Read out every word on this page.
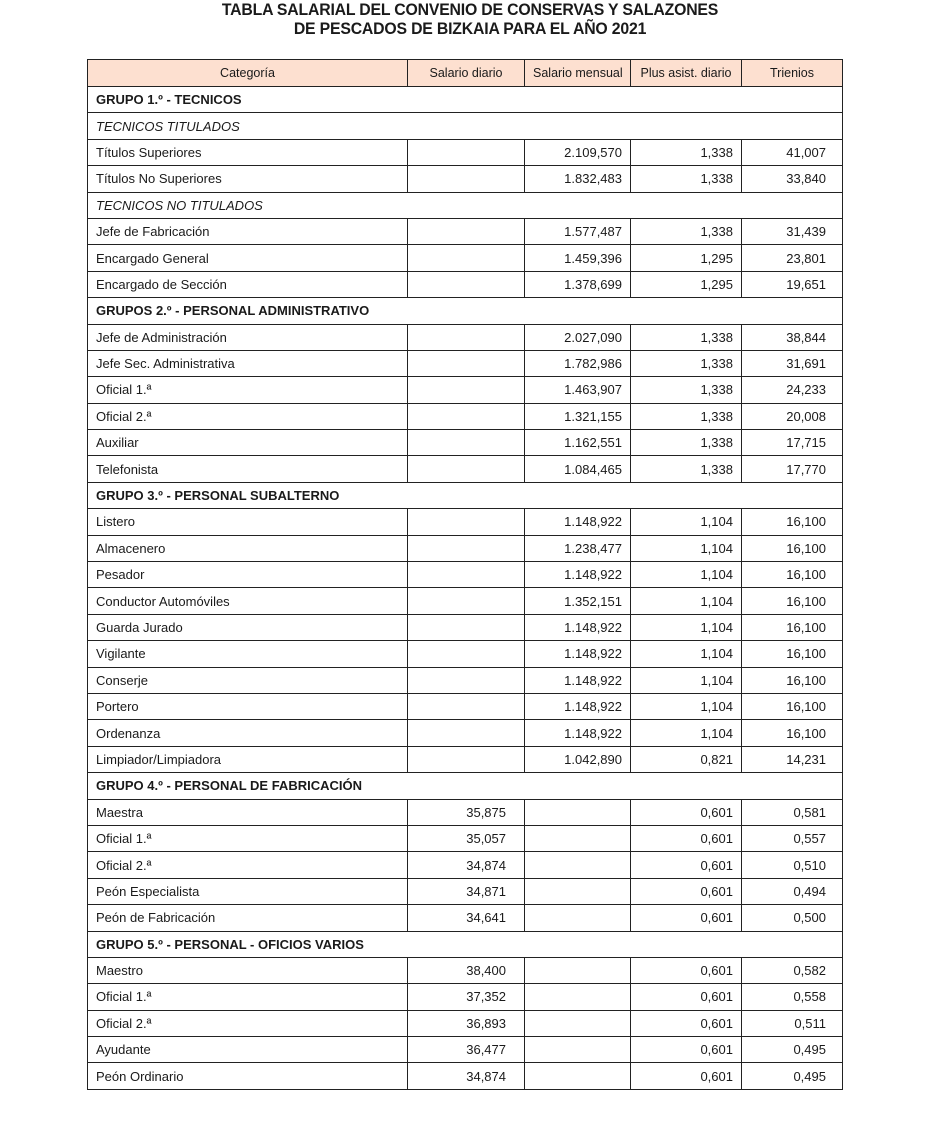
TABLA SALARIAL DEL CONVENIO DE CONSERVAS Y SALAZONES
DE PESCADOS DE BIZKAIA PARA EL AÑO 2021
Categoría	Salario diario	Salario mensual	Plus asist. diario	Trienios
GRUPO 1.º - TECNICOS				
TECNICOS TITULADOS				
Títulos Superiores		2.109,570	1,338	41,007
Títulos No Superiores		1.832,483	1,338	33,840
TECNICOS NO TITULADOS				
Jefe de Fabricación		1.577,487	1,338	31,439
Encargado General		1.459,396	1,295	23,801
Encargado de Sección		1.378,699	1,295	19,651
GRUPOS 2.º - PERSONAL ADMINISTRATIVO				
Jefe de Administración		2.027,090	1,338	38,844
Jefe Sec. Administrativa		1.782,986	1,338	31,691
Oficial 1.ª		1.463,907	1,338	24,233
Oficial 2.ª		1.321,155	1,338	20,008
Auxiliar		1.162,551	1,338	17,715
Telefonista		1.084,465	1,338	17,770
GRUPO 3.º - PERSONAL SUBALTERNO				
Listero		1.148,922	1,104	16,100
Almacenero		1.238,477	1,104	16,100
Pesador		1.148,922	1,104	16,100
Conductor Automóviles		1.352,151	1,104	16,100
Guarda Jurado		1.148,922	1,104	16,100
Vigilante		1.148,922	1,104	16,100
Conserje		1.148,922	1,104	16,100
Portero		1.148,922	1,104	16,100
Ordenanza		1.148,922	1,104	16,100
Limpiador/Limpiadora		1.042,890	0,821	14,231
GRUPO 4.º - PERSONAL DE FABRICACIÓN				
Maestra	35,875		0,601	0,581
Oficial 1.ª	35,057		0,601	0,557
Oficial 2.ª	34,874		0,601	0,510
Peón Especialista	34,871		0,601	0,494
Peón de Fabricación	34,641		0,601	0,500
GRUPO 5.º - PERSONAL - OFICIOS VARIOS				
Maestro	38,400		0,601	0,582
Oficial 1.ª	37,352		0,601	0,558
Oficial 2.ª	36,893		0,601	0,511
Ayudante	36,477		0,601	0,495
Peón Ordinario	34,874		0,601	0,495
